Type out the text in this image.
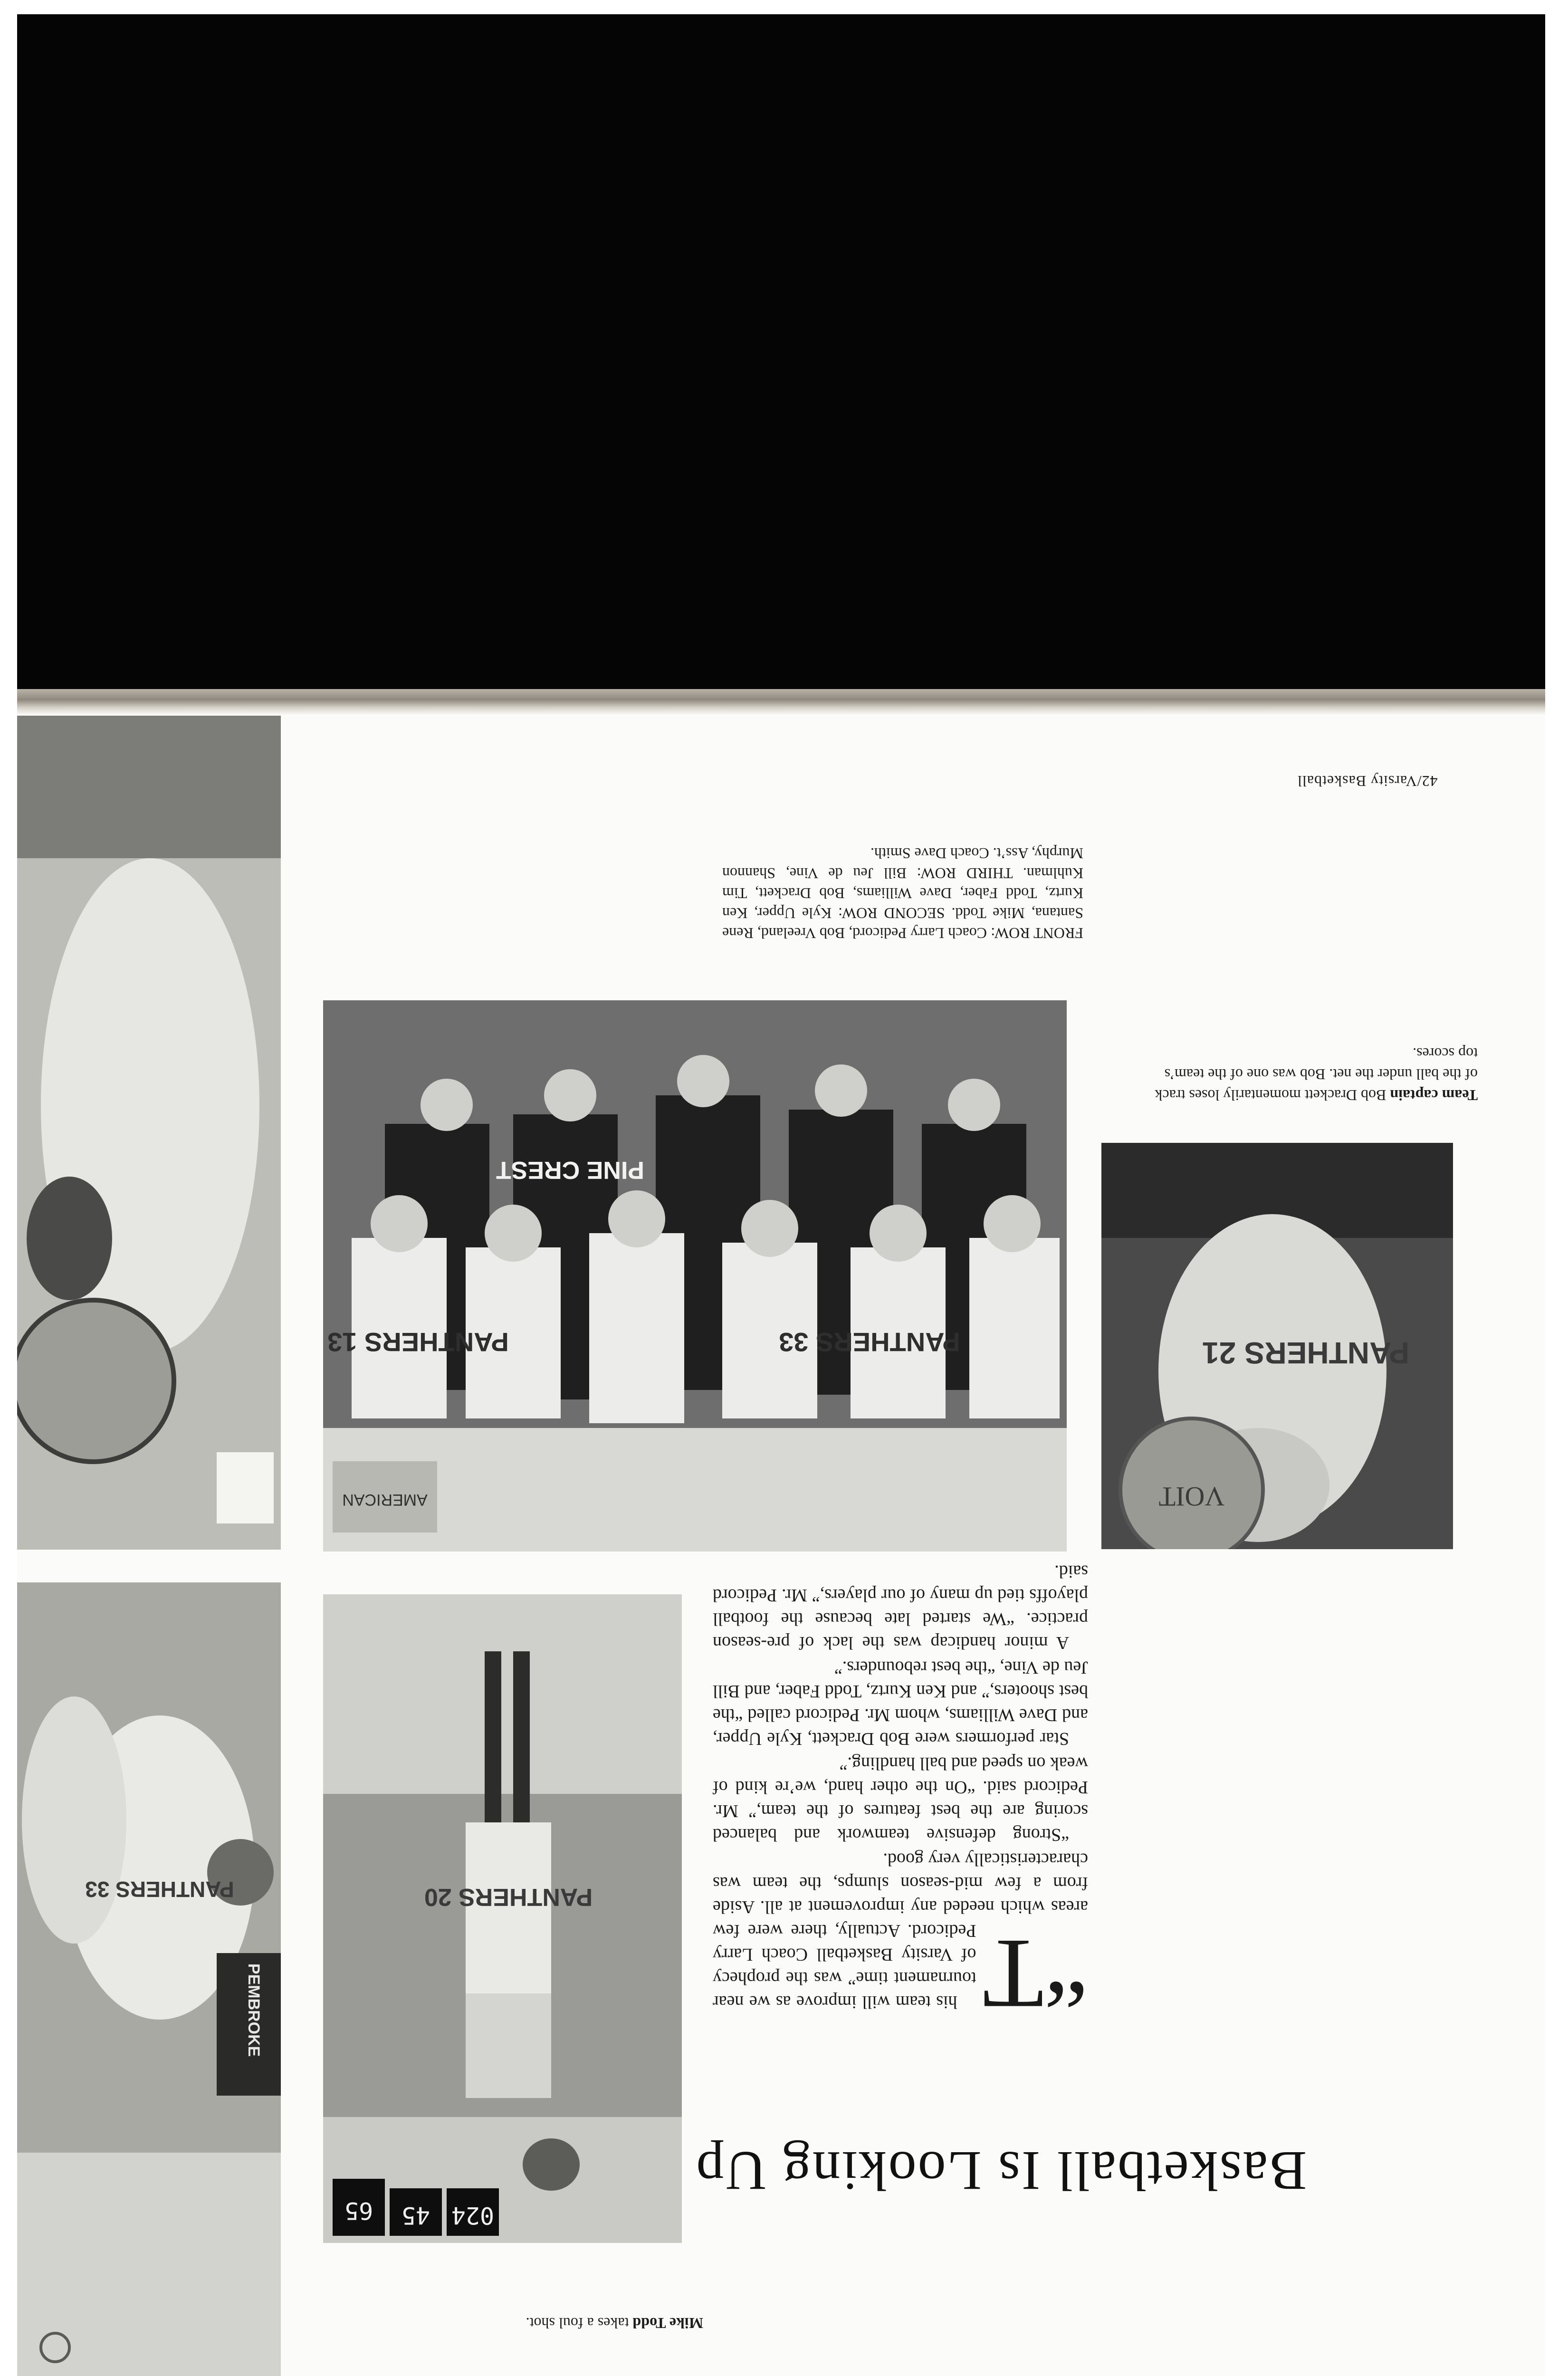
42/Varsity Basketball
VOIT
PANTHERS 21
Team captain Bob Drackett momentarily loses track of the ball under the net. Bob was one of the team’s top scores.
PANTHERS 13	PANTHERS 33
PINE CREST
AMERICAN
FRONT ROW: Coach Larry Pedicord, Bob Vreeland, Rene Santana, Mike Todd. SECOND ROW: Kyle Upper, Ken Kurtz, Todd Faber, Dave Williams, Bob Drackett, Tim Kuhlman. THIRD ROW: Bill Jeu de Vine, Shannon Murphy, Ass’t. Coach Dave Smith.
Basketball Is Looking Up

“T
his team will improve as we near tournament time” was the prophecy of Varsity Basketball Coach Larry Pedicord. Actually, there were few areas which needed any improvement at all. Aside from a few mid-season slumps, the team was characteristically very good.

“Strong defensive teamwork and balanced scoring are the best features of the team,” Mr. Pedicord said. “On the other hand, we’re kind of weak on speed and ball handling.”

Star performers were Bob Drackett, Kyle Upper, and Dave Williams, whom Mr. Pedicord called “the best shooters,” and Ken Kurtz, Todd Faber, and Bill Jeu de Vine, “the best rebounders.”

A minor handicap was the lack of pre-season practice. “We started late because the football playoffs tied up many of our players,” Mr. Pedicord said.

65 45 024
PANTHERS 20
Mike Todd takes a foul shot.
PANTHERS 33
PEMBROKE
